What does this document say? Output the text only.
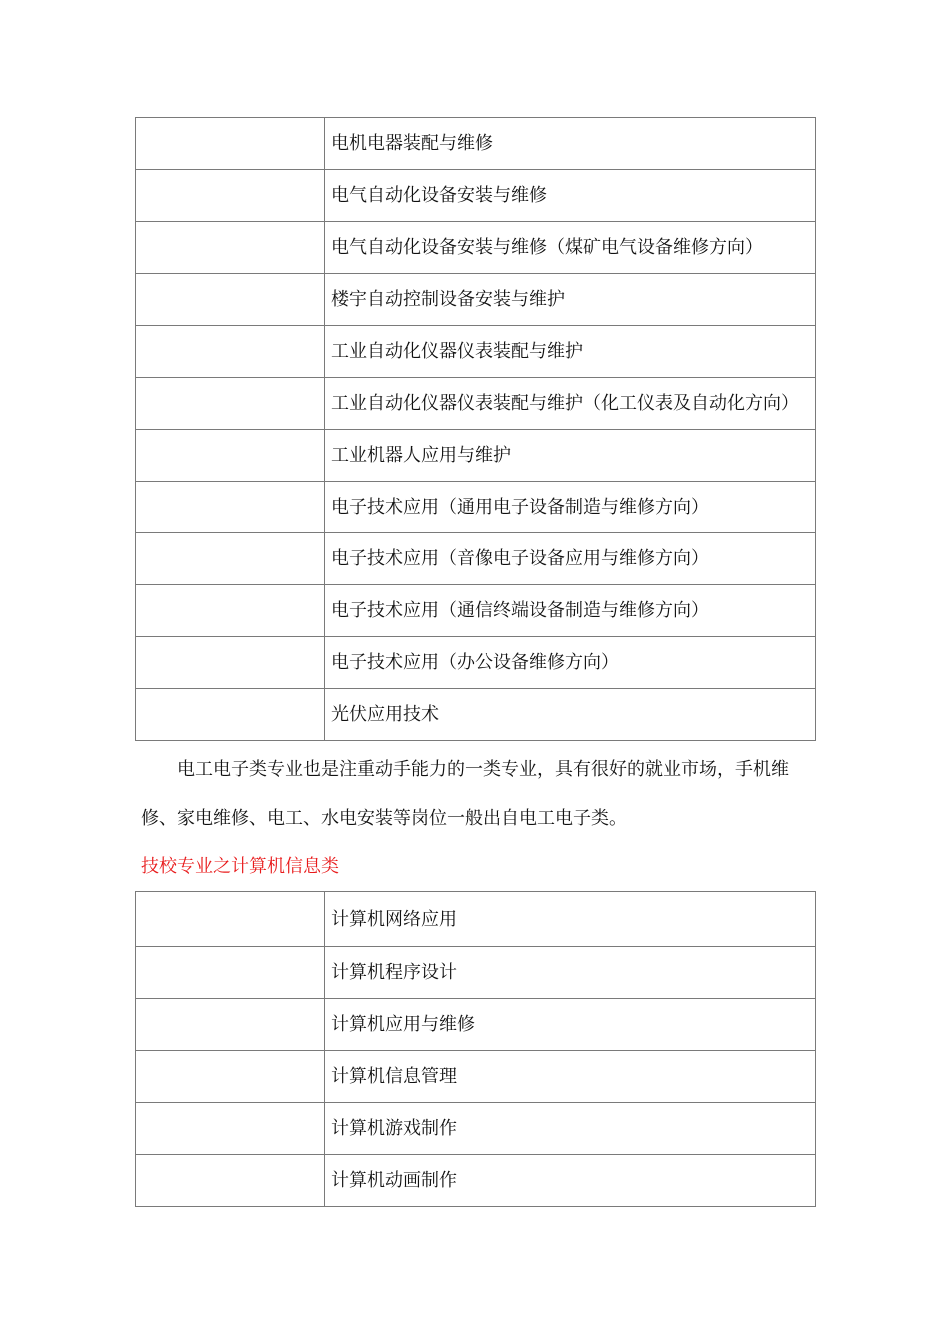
	电机电器装配与维修
	电气自动化设备安装与维修
	电气自动化设备安装与维修（煤矿电气设备维修方向）
	楼宇自动控制设备安装与维护
	工业自动化仪器仪表装配与维护
	工业自动化仪器仪表装配与维护（化工仪表及自动化方向）
	工业机器人应用与维护
	电子技术应用（通用电子设备制造与维修方向）
	电子技术应用（音像电子设备应用与维修方向）
	电子技术应用（通信终端设备制造与维修方向）
	电子技术应用（办公设备维修方向）
	光伏应用技术

电工电子类专业也是注重动手能力的一类专业，具有很好的就业市场，手机维修、家电维修、电工、水电安装等岗位一般出自电工电子类。

技校专业之计算机信息类
	计算机网络应用
	计算机程序设计
	计算机应用与维修
	计算机信息管理
	计算机游戏制作
	计算机动画制作
